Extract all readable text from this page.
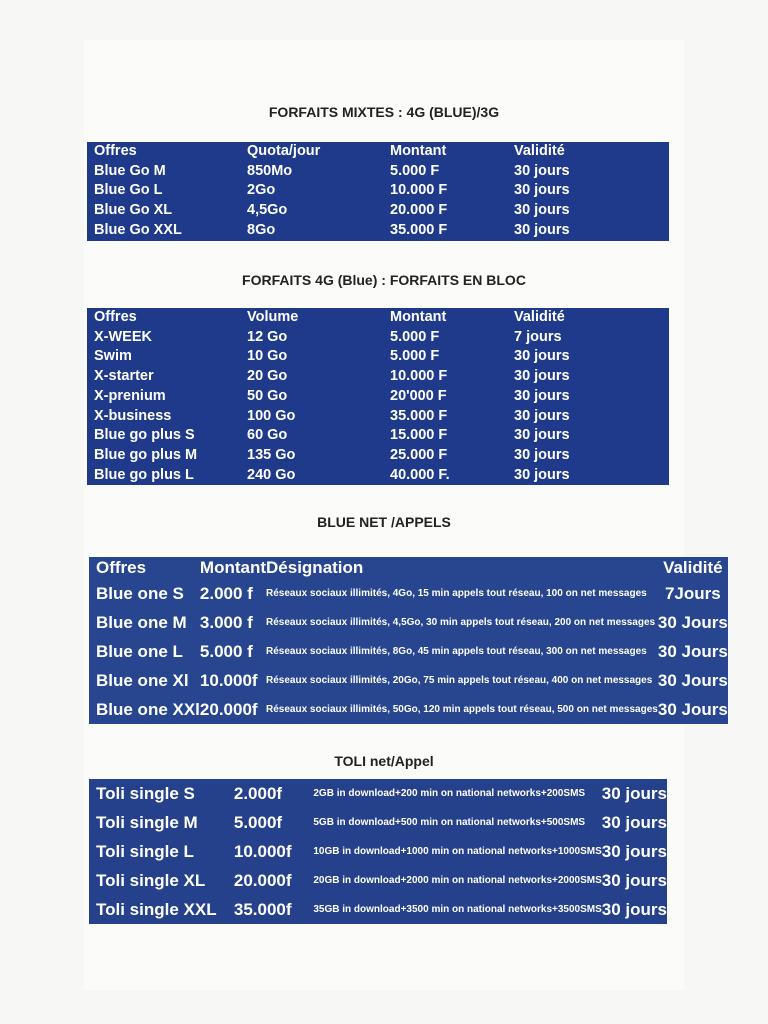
FORFAITS MIXTES : 4G (BLUE)/3G
Offres	Quota/jour	Montant	Validité
Blue Go M	850Mo	5.000 F	30 jours
Blue Go L	2Go	10.000 F	30 jours
Blue Go XL	4,5Go	20.000 F	30 jours
Blue Go XXL	8Go	35.000 F	30 jours
FORFAITS 4G (Blue) : FORFAITS EN BLOC
Offres	Volume	Montant	Validité
X-WEEK	12 Go	5.000 F	7 jours
Swim	10 Go	5.000 F	30 jours
X-starter	20 Go	10.000 F	30 jours
X-prenium	50 Go	20'000 F	30 jours
X-business	100 Go	35.000 F	30 jours
Blue go plus S	60 Go	15.000 F	30 jours
Blue go plus M	135 Go	25.000 F	30 jours
Blue go plus L	240 Go	40.000 F.	30 jours
BLUE NET /APPELS
Offres	Montant	Désignation	Validité
Blue one S	2.000 f	Réseaux sociaux illimités, 4Go, 15 min appels tout réseau, 100 on net messages	7Jours
Blue one M	3.000 f	Réseaux sociaux illimités, 4,5Go, 30 min appels tout réseau, 200 on net messages	30 Jours
Blue one L	5.000 f	Réseaux sociaux illimités, 8Go, 45 min appels tout réseau, 300 on net messages	30 Jours
Blue one Xl	10.000f	Réseaux sociaux illimités, 20Go, 75 min appels tout réseau, 400 on net messages	30 Jours
Blue one XXl	20.000f	Réseaux sociaux illimités, 50Go, 120 min appels tout réseau, 500 on net messages	30 Jours
TOLI net/Appel
Toli single S	2.000f	2GB in download+200 min on national networks+200SMS	30 jours
Toli single M	5.000f	5GB in download+500 min on national networks+500SMS	30 jours
Toli single L	10.000f	10GB in download+1000 min on national networks+1000SMS	30 jours
Toli single XL	20.000f	20GB in download+2000 min on national networks+2000SMS	30 jours
Toli single XXL	35.000f	35GB in download+3500 min on national networks+3500SMS	30 jours
